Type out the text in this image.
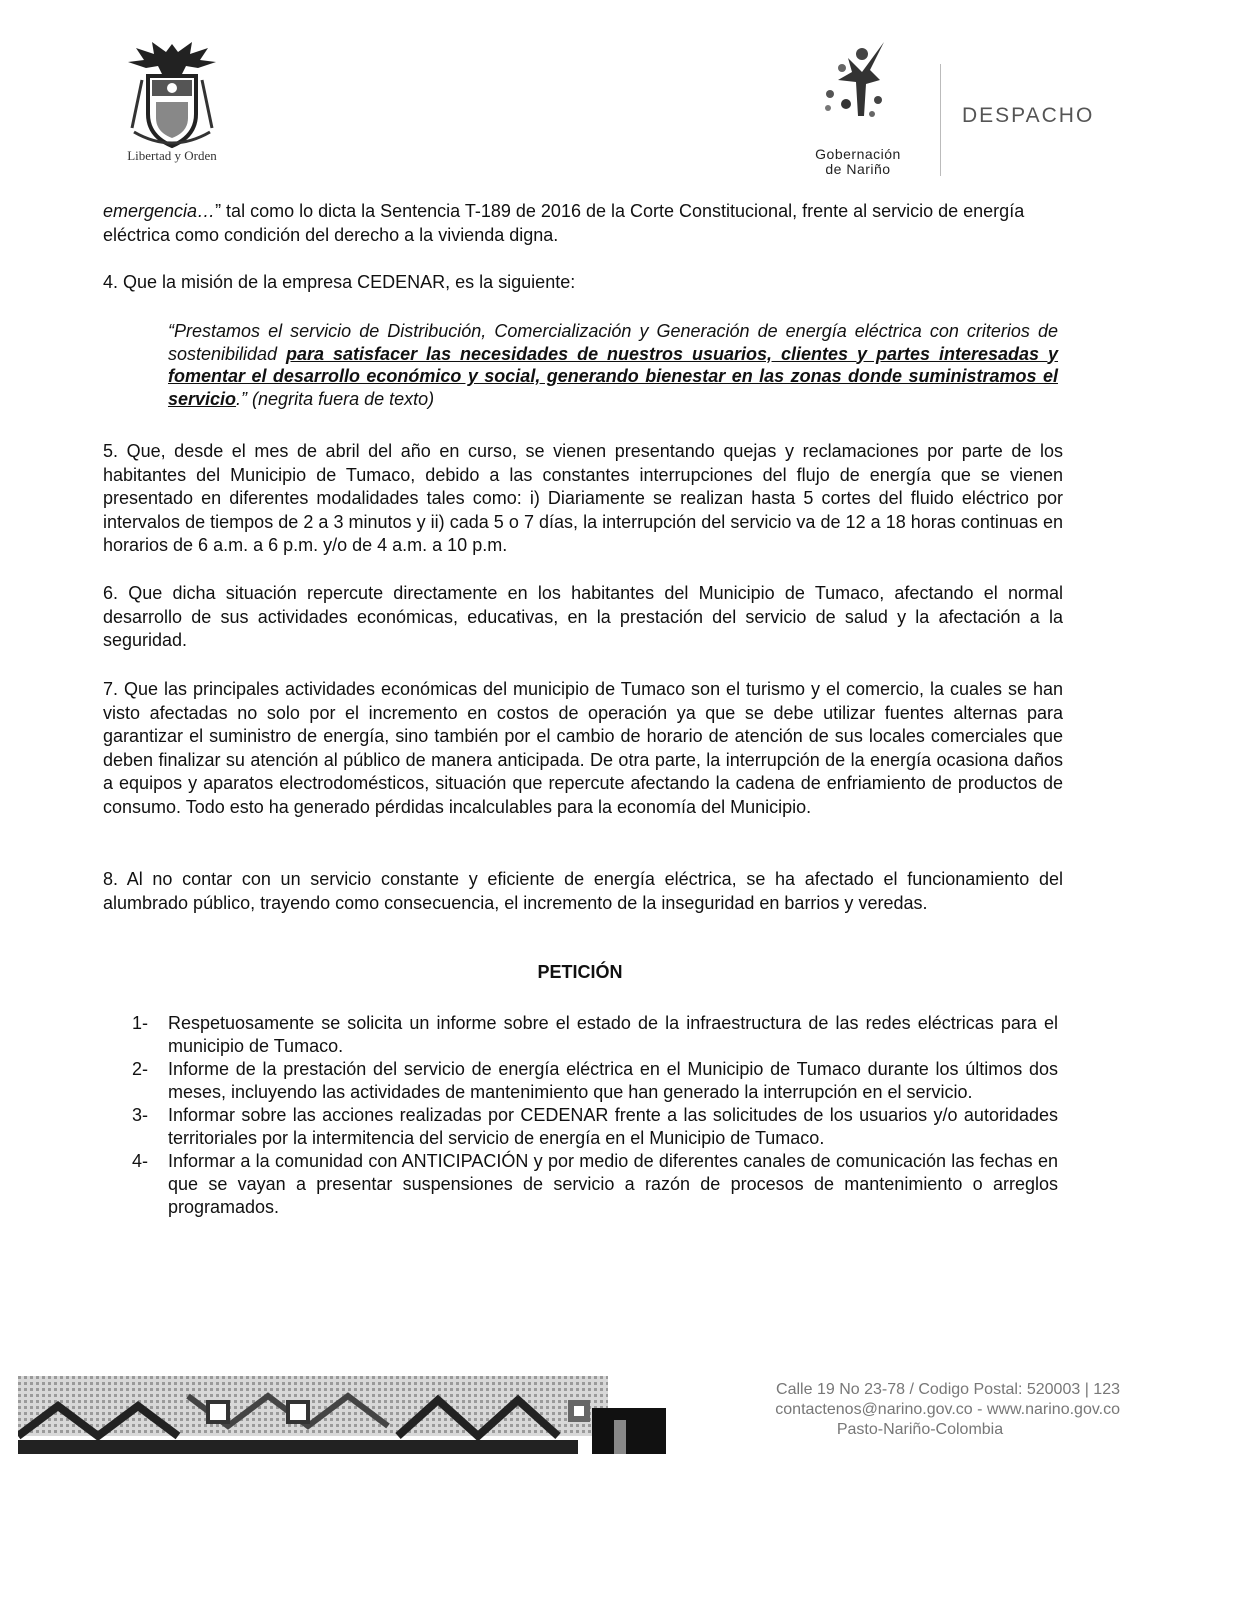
Libertad y Orden	Gobernación
de Nariño
DESPACHO

emergencia…” tal como lo dicta la Sentencia T-189 de 2016 de la Corte Constitucional, frente al servicio de energía eléctrica como condición del derecho a la vivienda digna.

4. Que la misión de la empresa CEDENAR, es la siguiente:

“Prestamos el servicio de Distribución, Comercialización y Generación de energía eléctrica con criterios de sostenibilidad para satisfacer las necesidades de nuestros usuarios, clientes y partes interesadas y fomentar el desarrollo económico y social, generando bienestar en las zonas donde suministramos el servicio.” (negrita fuera de texto)

5. Que, desde el mes de abril del año en curso, se vienen presentando quejas y reclamaciones por parte de los habitantes del Municipio de Tumaco, debido a las constantes interrupciones del flujo de energía que se vienen presentado en diferentes modalidades tales como: i) Diariamente se realizan hasta 5 cortes del fluido eléctrico por intervalos de tiempos de 2 a 3 minutos y ii) cada 5 o 7 días, la interrupción del servicio va de 12 a 18 horas continuas en horarios de 6 a.m. a 6 p.m. y/o de 4 a.m. a 10 p.m.

6. Que dicha situación repercute directamente en los habitantes del Municipio de Tumaco, afectando el normal desarrollo de sus actividades económicas, educativas, en la prestación del servicio de salud y la afectación a la seguridad.

7. Que las principales actividades económicas del municipio de Tumaco son el turismo y el comercio, la cuales se han visto afectadas no solo por el incremento en costos de operación ya que se debe utilizar fuentes alternas para garantizar el suministro de energía, sino también por el cambio de horario de atención de sus locales comerciales que deben finalizar su atención al público de manera anticipada. De otra parte, la interrupción de la energía ocasiona daños a equipos y aparatos electrodomésticos, situación que repercute afectando la cadena de enfriamiento de productos de consumo. Todo esto ha generado pérdidas incalculables para la economía del Municipio.

8. Al no contar con un servicio constante y eficiente de energía eléctrica, se ha afectado el funcionamiento del alumbrado público, trayendo como consecuencia, el incremento de la inseguridad en barrios y veredas.

PETICIÓN
1-	Respetuosamente se solicita un informe sobre el estado de la infraestructura de las redes eléctricas para el municipio de Tumaco.
2-	Informe de la prestación del servicio de energía eléctrica en el Municipio de Tumaco durante los últimos dos meses, incluyendo las actividades de mantenimiento que han generado la interrupción en el servicio.
3-	Informar sobre las acciones realizadas por CEDENAR frente a las solicitudes de los usuarios y/o autoridades territoriales por la intermitencia del servicio de energía en el Municipio de Tumaco.
4-	Informar a la comunidad con ANTICIPACIÓN y por medio de diferentes canales de comunicación las fechas en que se vayan a presentar suspensiones de servicio a razón de procesos de mantenimiento o arreglos programados.
Calle 19 No 23-78 / Codigo Postal: 520003 | 123
contactenos@narino.gov.co - www.narino.gov.co
Pasto-Nariño-Colombia
